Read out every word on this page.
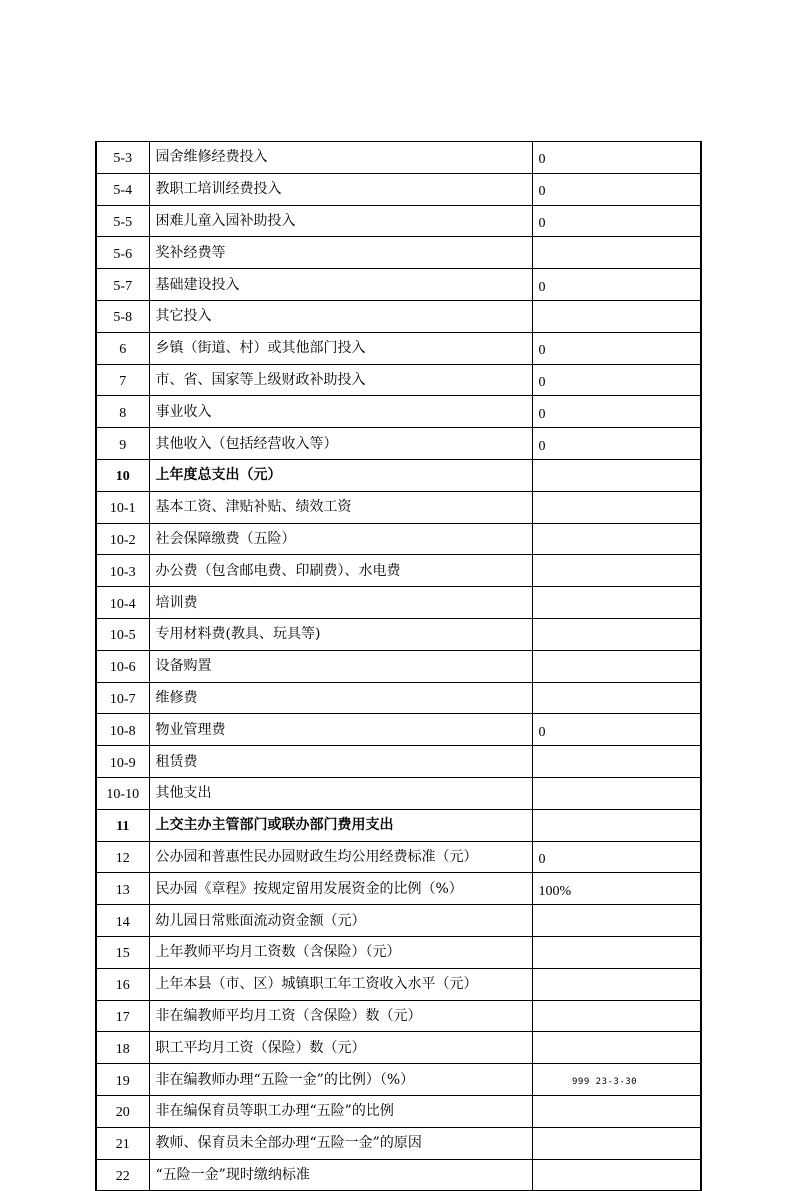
5-3	园舍维修经费投入	0
5-4	教职工培训经费投入	0
5-5	困难儿童入园补助投入	0
5-6	奖补经费等	
5-7	基础建设投入	0
5-8	其它投入	
6	乡镇（街道、村）或其他部门投入	0
7	市、省、国家等上级财政补助投入	0
8	事业收入	0
9	其他收入（包括经营收入等）	0
10	上年度总支出（元）	
10-1	基本工资、津贴补贴、绩效工资	
10-2	社会保障缴费（五险）	
10-3	办公费（包含邮电费、印刷费）、水电费	
10-4	培训费	
10-5	专用材料费(教具、玩具等)	
10-6	设备购置	
10-7	维修费	
10-8	物业管理费	0
10-9	租赁费	
10-10	其他支出	
11	上交主办主管部门或联办部门费用支出	
12	公办园和普惠性民办园财政生均公用经费标准（元）	0
13	民办园《章程》按规定留用发展资金的比例（%）	100%
14	幼儿园日常账面流动资金额（元）	
15	上年教师平均月工资数（含保险）（元）	
16	上年本县（市、区）城镇职工年工资收入水平（元）	
17	非在编教师平均月工资（含保险）数（元）	
18	职工平均月工资（保险）数（元）	
19	非在编教师办理“五险一金”的比例）（%）	
20	非在编保育员等职工办理“五险”的比例	
21	教师、保育员未全部办理“五险一金”的原因	
22	“五险一金”现时缴纳标准	
999 23-3-30
